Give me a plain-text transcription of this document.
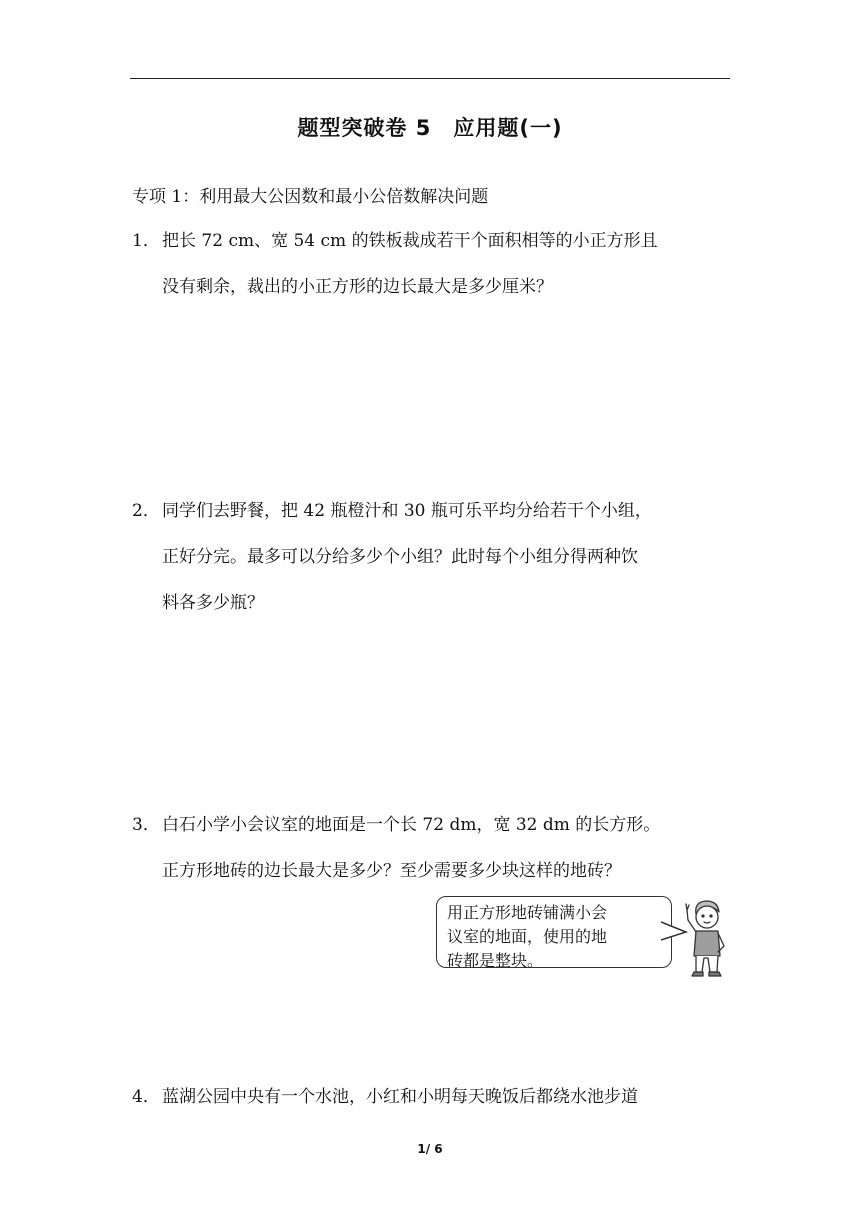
题型突破卷 5　应用题(一)
专项 1：利用最大公因数和最小公倍数解决问题
1． 把长 72 cm、宽 54 cm 的铁板裁成若干个面积相等的小正方形且
没有剩余，裁出的小正方形的边长最大是多少厘米？
2． 同学们去野餐，把 42 瓶橙汁和 30 瓶可乐平均分给若干个小组，
正好分完。最多可以分给多少个小组？此时每个小组分得两种饮
料各多少瓶？
3． 白石小学小会议室的地面是一个长 72 dm，宽 32 dm 的长方形。
正方形地砖的边长最大是多少？至少需要多少块这样的地砖？
用正方形地砖铺满小会
议室的地面，使用的地
砖都是整块。
4． 蓝湖公园中央有一个水池，小红和小明每天晚饭后都绕水池步道
1/ 6
